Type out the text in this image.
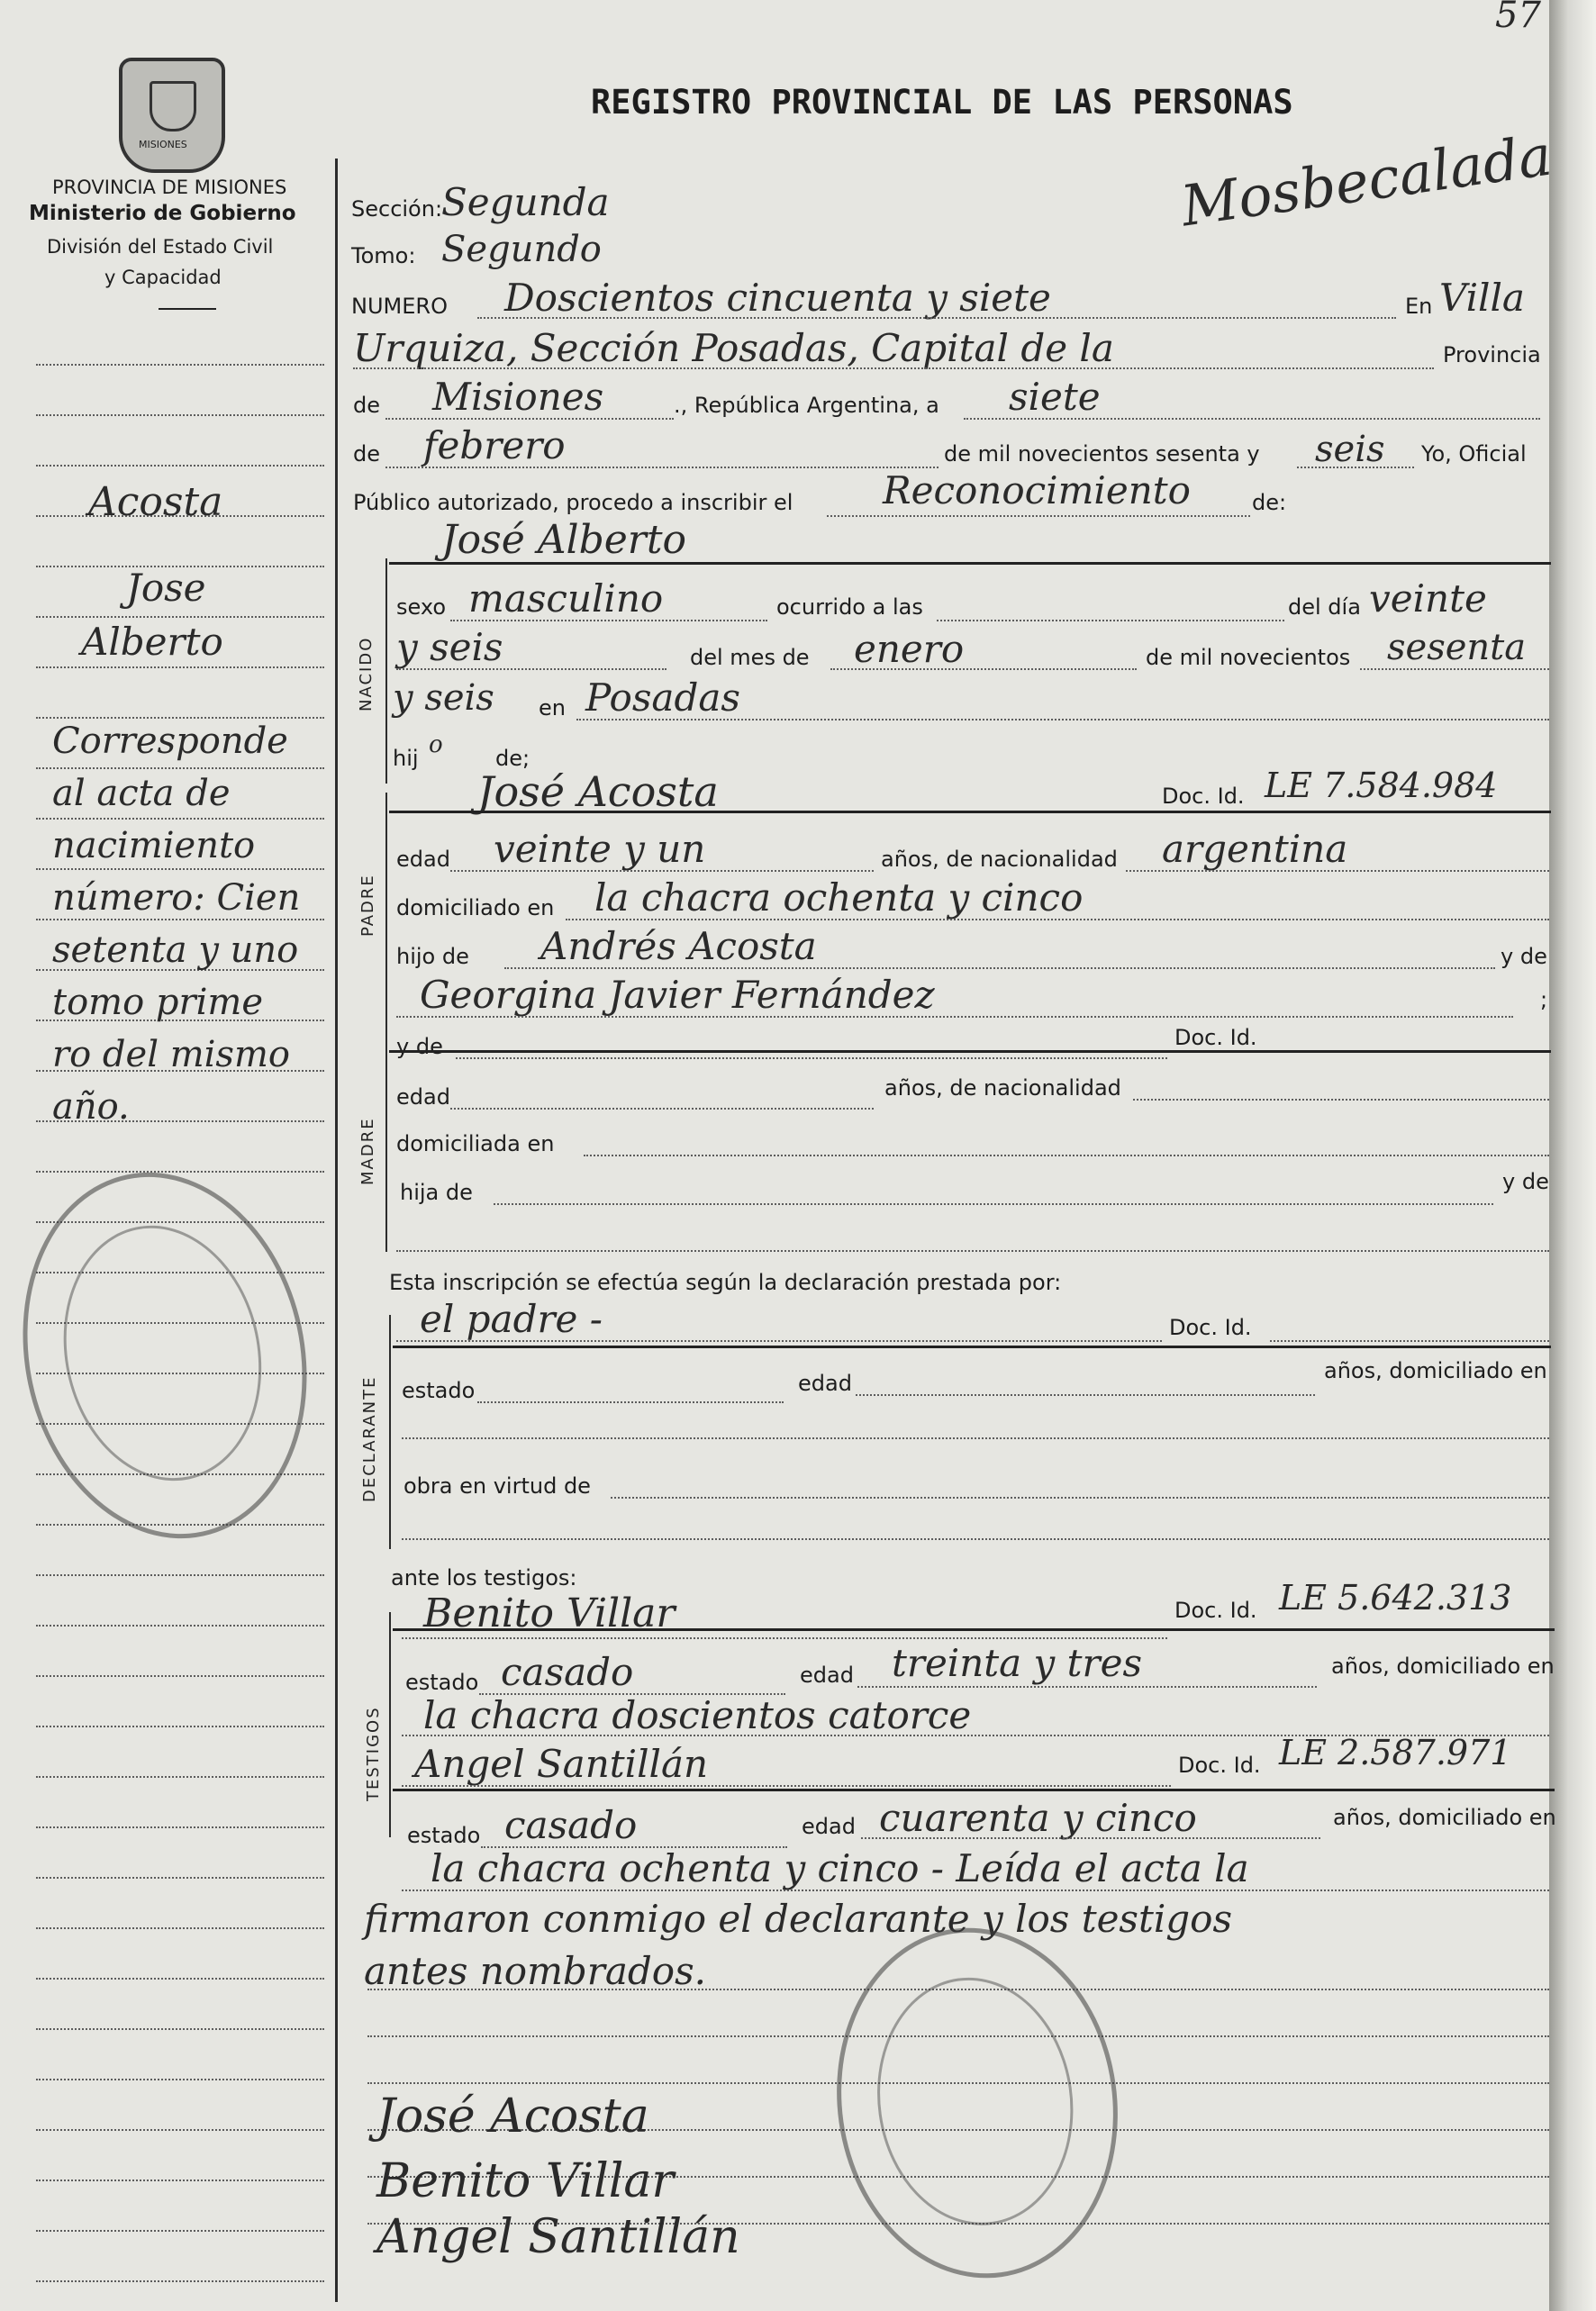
57
MISIONES
PROVINCIA DE MISIONES
Ministerio de Gobierno
División del Estado Civil
y Capacidad
REGISTRO PROVINCIAL DE LAS PERSONAS
Mosbecalada
Acosta
Jose
Alberto
Corresponde
al acta de
nacimiento
número: Cien
setenta y uno
tomo prime
ro del mismo
año.
Sección:
Segunda
Tomo: Segundo
NUMERO Doscientos cincuenta y siete	En Villa
Urquiza, Sección Posadas, Capital de la	Provincia
de Misiones	., República Argentina, a siete
de febrero	de mil novecientos sesenta y seis Yo, Oficial
Público autorizado, procedo a inscribir el Reconocimiento	de:
José Alberto
NACIDO
sexo masculino	ocurrido a las	del día veinte
y seis	del mes de enero	de mil novecientos sesenta
y seis en Posadas
hij o de;
PADRE
José Acosta	Doc. Id. LE 7.584.984
edad veinte y un	años, de nacionalidad argentina
domiciliado en la chacra ochenta y cinco
hijo de Andrés Acosta	y de
Georgina Javier Fernández	;
MADRE
y de	Doc. Id.
edad	años, de nacionalidad
domiciliada en
hija de	y de
Esta inscripción se efectúa según la declaración prestada por:
DECLARANTE
el padre -	Doc. Id.
estado	edad	años, domiciliado en
obra en virtud de
ante los testigos:
TESTIGOS
Benito Villar	Doc. Id. LE 5.642.313
estado casado	edad treinta y tres	años, domiciliado en
la chacra doscientos catorce
Angel Santillán	Doc. Id. LE 2.587.971
estado casado	edad cuarenta y cinco	años, domiciliado en
la chacra ochenta y cinco - Leída el acta la
firmaron conmigo el declarante y los testigos
antes nombrados.
José Acosta
Benito Villar
Angel Santillán
